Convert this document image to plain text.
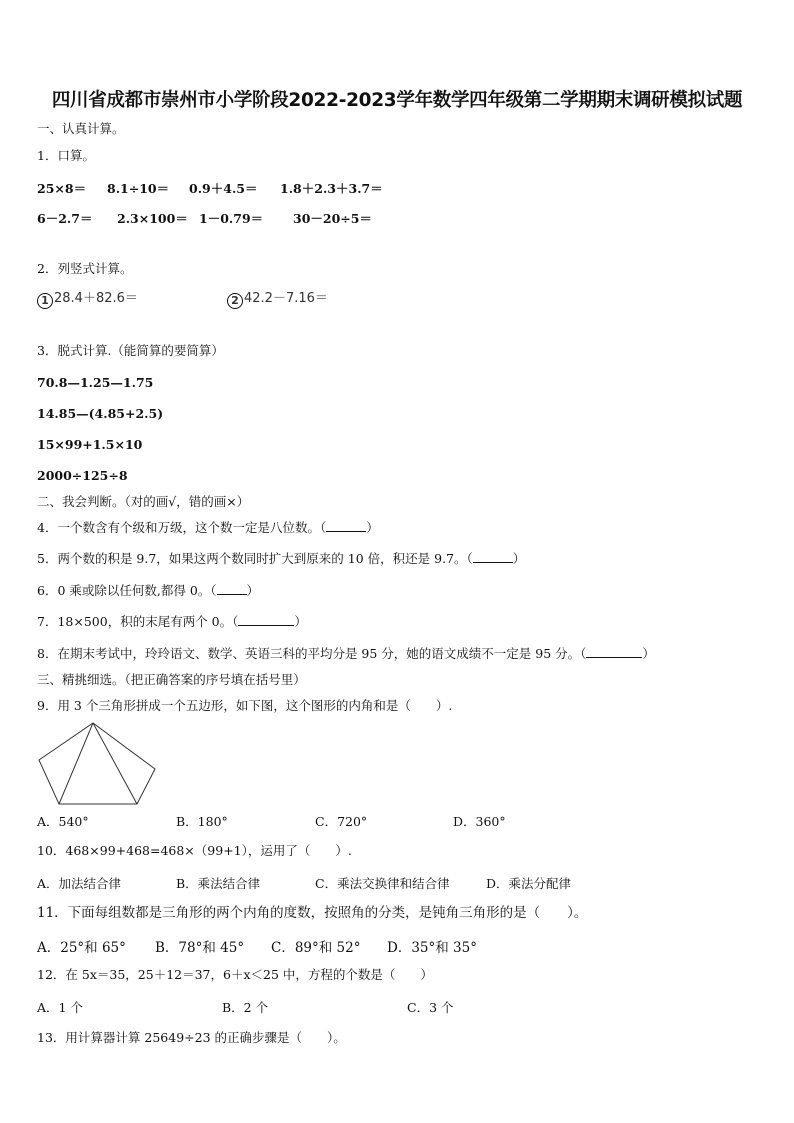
四川省成都市崇州市小学阶段2022-2023学年数学四年级第二学期期末调研模拟试题
一、认真计算。
1．口算。
25×8＝ 8.1÷10＝ 0.9＋4.5＝ 1.8＋2.3＋3.7＝
6－2.7＝ 2.3×100＝ 1－0.79＝ 30－20÷5＝
2．列竖式计算。
1 28.4＋82.6＝	2 42.2－7.16＝
3．脱式计算.（能简算的要简算）
70.8—1.25—1.75
14.85—(4.85+2.5)
15×99+1.5×10
2000÷125÷8
二、我会判断。（对的画√，错的画×）
4．一个数含有个级和万级，这个数一定是八位数。（	）
5．两个数的积是 9.7，如果这两个数同时扩大到原来的 10 倍，积还是 9.7。（	）
6．0 乘或除以任何数,都得 0。（ ）
7．18×500，积的末尾有两个 0。（	）
8．在期末考试中，玲玲语文、数学、英语三科的平均分是 95 分，她的语文成绩不一定是 95 分。（	）
三、精挑细选。（把正确答案的序号填在括号里）
9．用 3 个三角形拼成一个五边形，如下图，这个图形的内角和是（　　）.
A．540°	B．180°	C．720°	D．360°
10．468×99+468=468×（99+1），运用了（　　）.
A．加法结合律	B．乘法结合律	C．乘法交换律和结合律	D．乘法分配律
11．下面每组数都是三角形的两个内角的度数，按照角的分类，是钝角三角形的是（　　）。
A．25°和 65° B．78°和 45° C．89°和 52° D．35°和 35°
12．在 5x＝35，25＋12＝37，6＋x＜25 中，方程的个数是（　　）
A．1 个	B．2 个	C．3 个
13．用计算器计算 25649÷23 的正确步骤是（　　）。
